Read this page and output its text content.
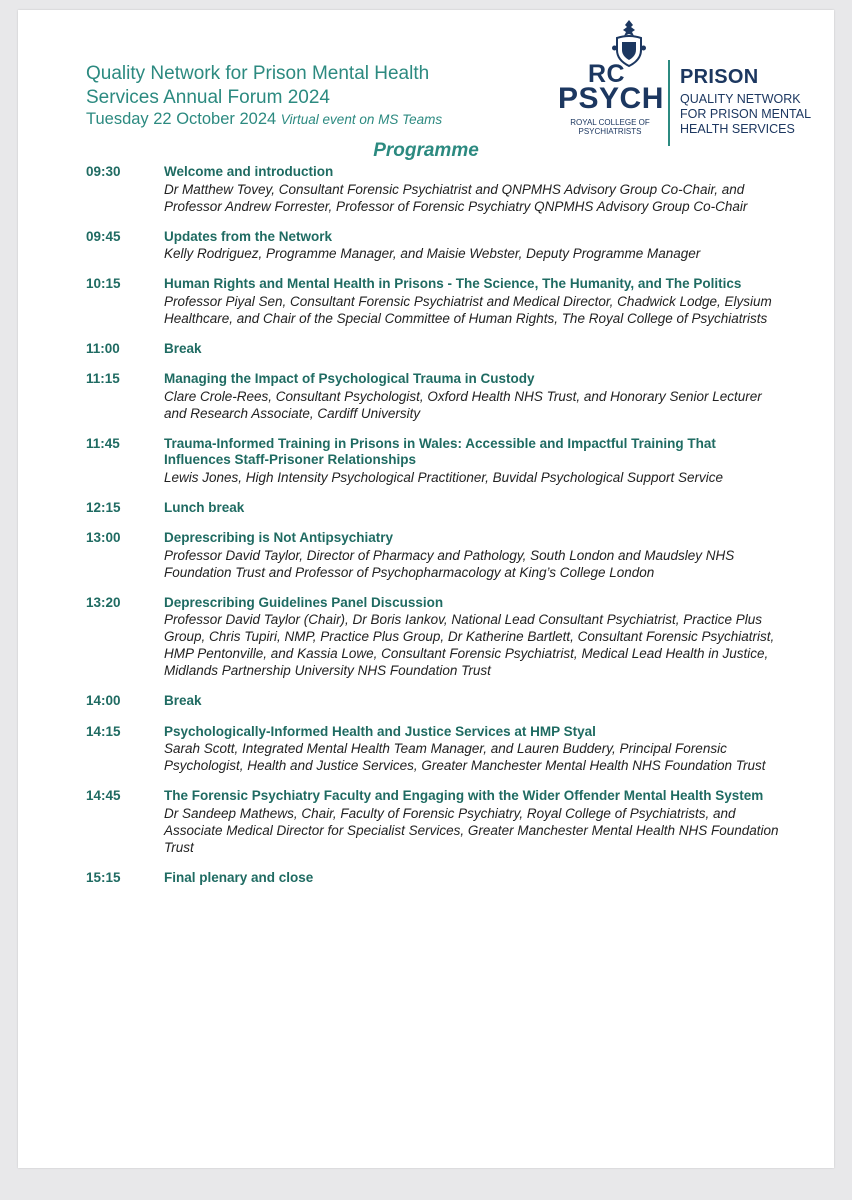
Quality Network for Prison Mental Health
Services Annual Forum 2024
Tuesday 22 October 2024 Virtual event on MS Teams
RC
PSYCH
ROYAL COLLEGE OF
PSYCHIATRISTS
PRISON
QUALITY NETWORK
FOR PRISON MENTAL
HEALTH SERVICES
Programme
09:30	Welcome and introduction
Dr Matthew Tovey, Consultant Forensic Psychiatrist and QNPMHS Advisory Group Co-Chair, and Professor Andrew Forrester, Professor of Forensic Psychiatry QNPMHS Advisory Group Co-Chair
09:45	Updates from the Network
Kelly Rodriguez, Programme Manager, and Maisie Webster, Deputy Programme Manager
10:15	Human Rights and Mental Health in Prisons - The Science, The Humanity, and The Politics
Professor Piyal Sen, Consultant Forensic Psychiatrist and Medical Director, Chadwick Lodge, Elysium Healthcare, and Chair of the Special Committee of Human Rights, The Royal College of Psychiatrists
11:00	Break
11:15	Managing the Impact of Psychological Trauma in Custody
Clare Crole-Rees, Consultant Psychologist, Oxford Health NHS Trust, and Honorary Senior Lecturer and Research Associate, Cardiff University
11:45	Trauma-Informed Training in Prisons in Wales: Accessible and Impactful Training That Influences Staff-Prisoner Relationships
Lewis Jones, High Intensity Psychological Practitioner, Buvidal Psychological Support Service
12:15	Lunch break
13:00	Deprescribing is Not Antipsychiatry
Professor David Taylor, Director of Pharmacy and Pathology, South London and Maudsley NHS Foundation Trust and Professor of Psychopharmacology at King’s College London
13:20	Deprescribing Guidelines Panel Discussion
Professor David Taylor (Chair), Dr Boris Iankov, National Lead Consultant Psychiatrist, Practice Plus Group, Chris Tupiri, NMP, Practice Plus Group, Dr Katherine Bartlett, Consultant Forensic Psychiatrist, HMP Pentonville, and Kassia Lowe, Consultant Forensic Psychiatrist, Medical Lead Health in Justice, Midlands Partnership University NHS Foundation Trust
14:00	Break
14:15	Psychologically-Informed Health and Justice Services at HMP Styal
Sarah Scott, Integrated Mental Health Team Manager, and Lauren Buddery, Principal Forensic Psychologist, Health and Justice Services, Greater Manchester Mental Health NHS Foundation Trust
14:45	The Forensic Psychiatry Faculty and Engaging with the Wider Offender Mental Health System
Dr Sandeep Mathews, Chair, Faculty of Forensic Psychiatry, Royal College of Psychiatrists, and Associate Medical Director for Specialist Services, Greater Manchester Mental Health NHS Foundation Trust
15:15	Final plenary and close
